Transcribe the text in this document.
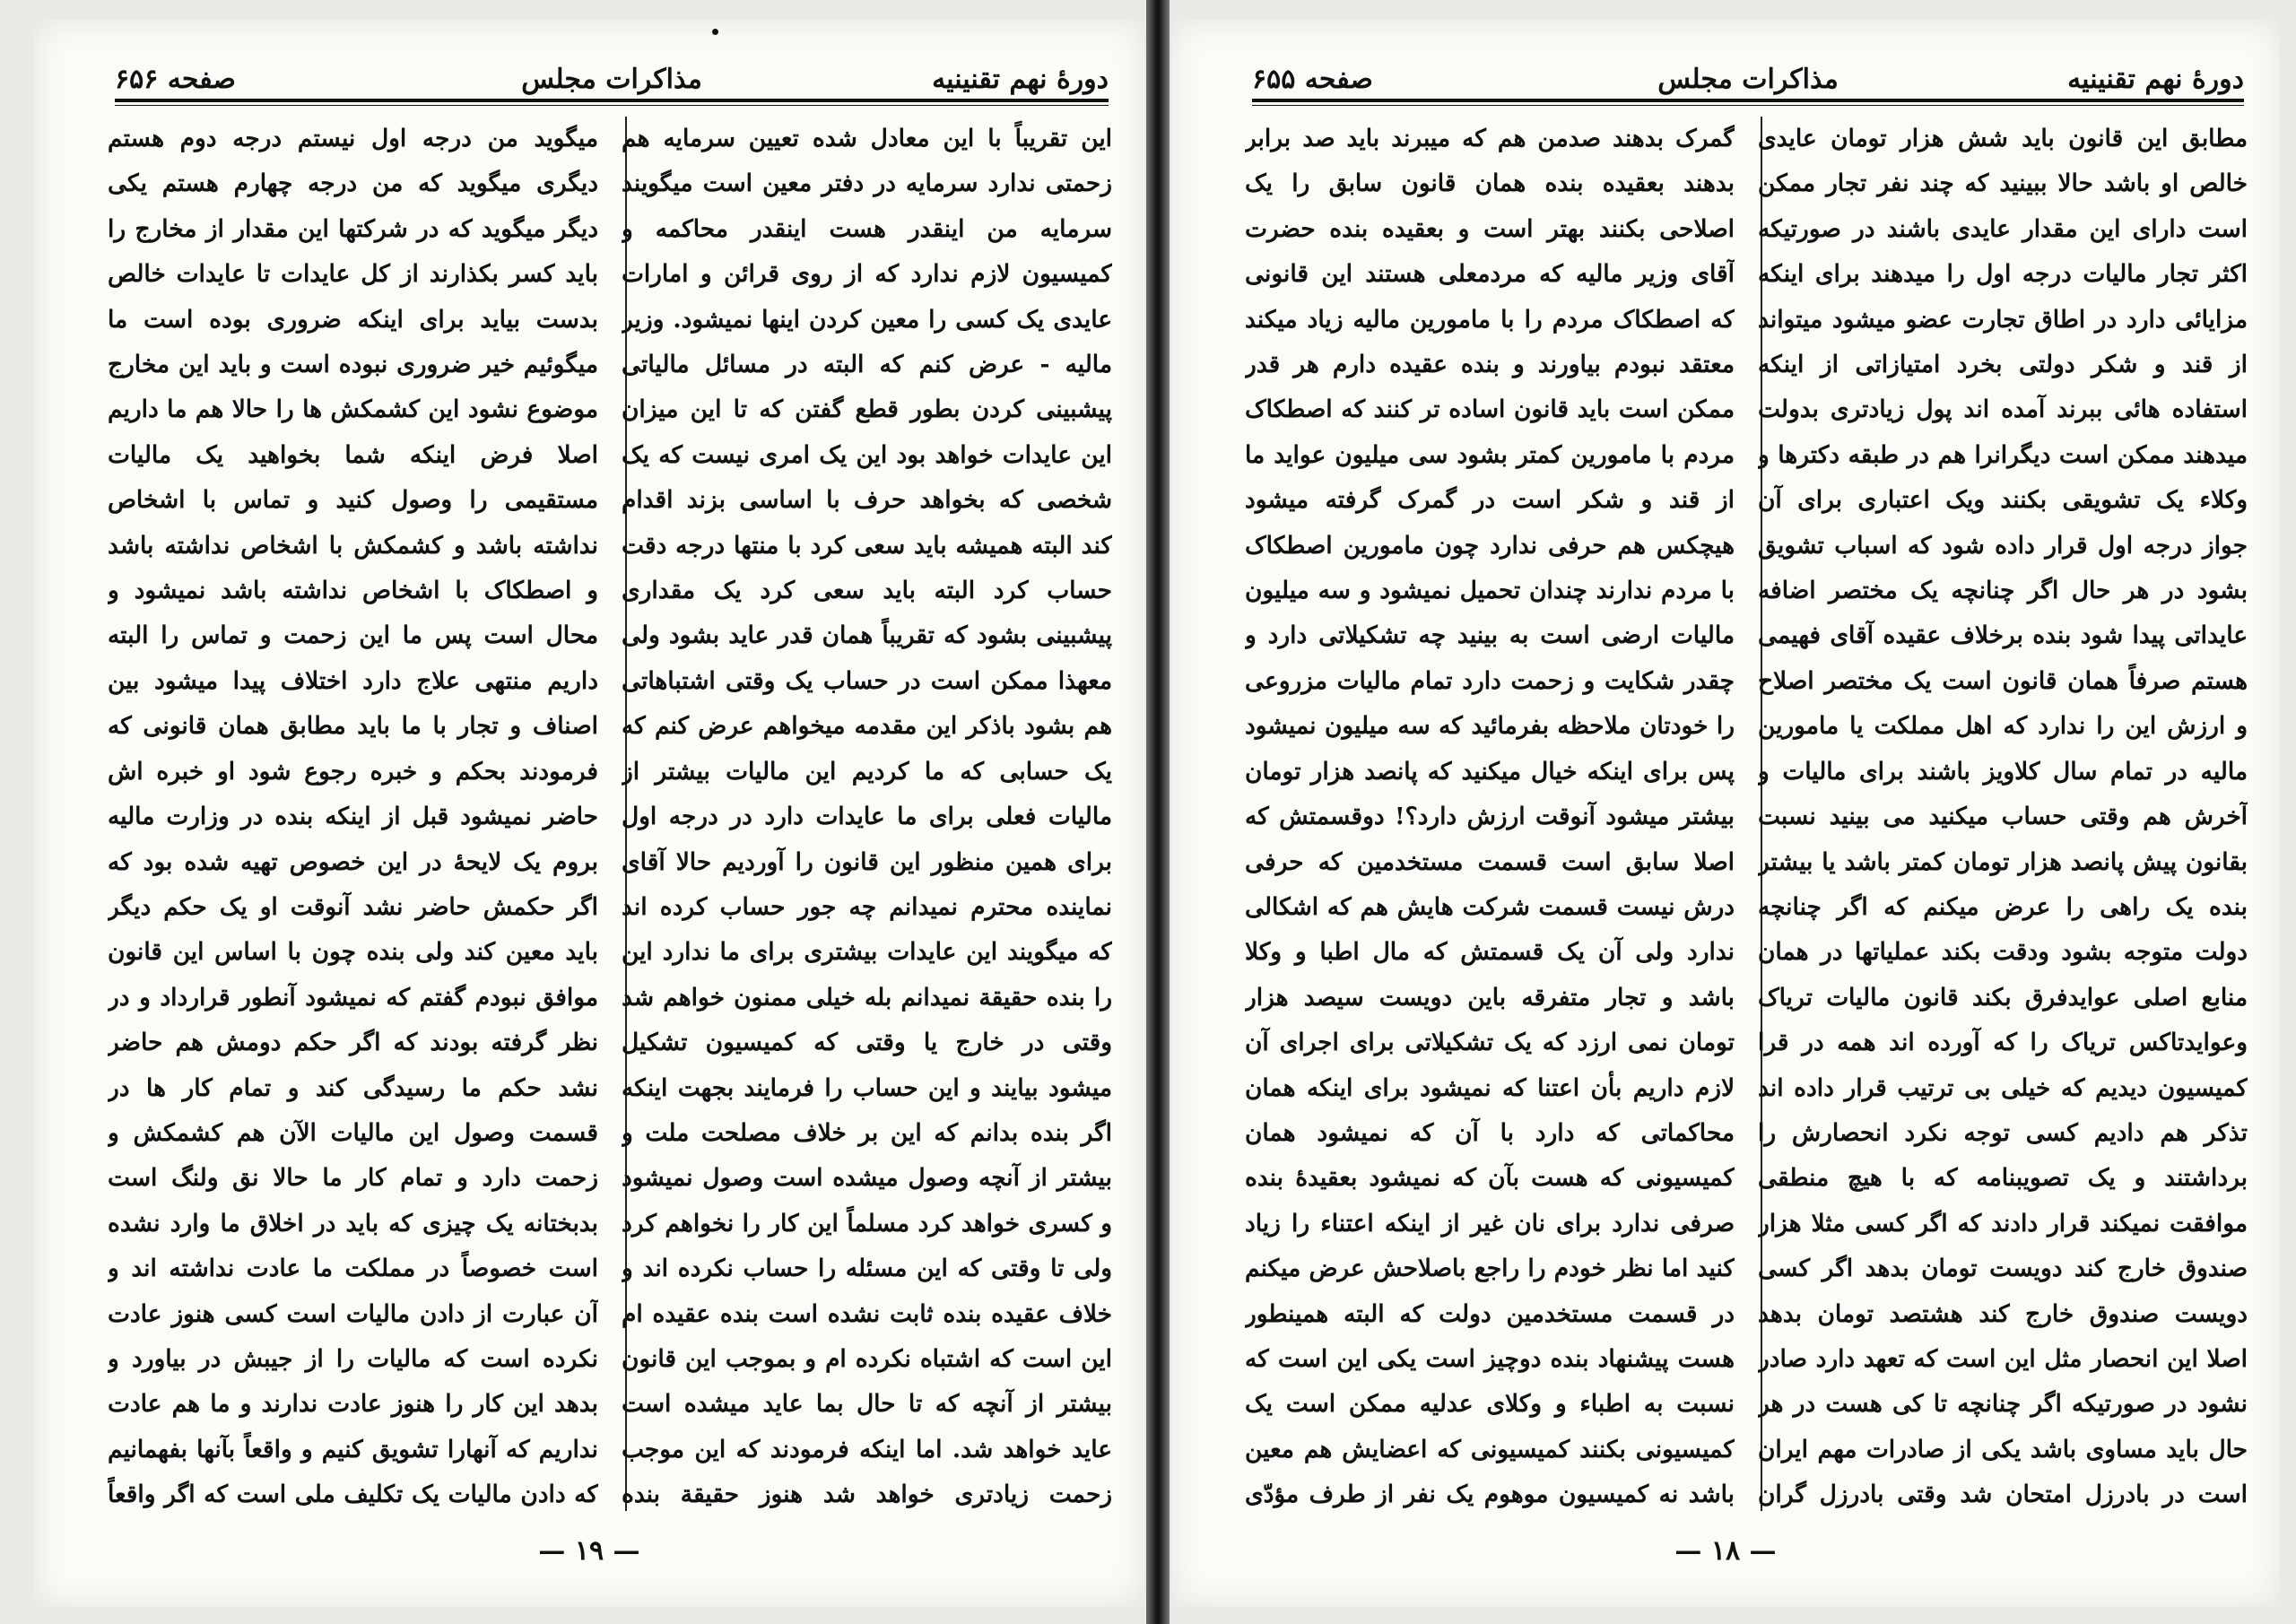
دورهٔ نهم تقنینیه
مذاکرات مجلس
صفحه ۶۵۶

این تقریباً با این معادل شده تعیین سرمایه هم زحمتی ندارد سرمایه در دفتر معین است میگویند سرمایه من اینقدر هست اینقدر محاکمه و کمیسیون لازم ندارد که از روی قرائن و امارات عایدی یک کسی را معین کردن اینها نمیشود. وزیر مالیه - عرض کنم که البته در مسائل مالیاتی پیشبینی کردن بطور قطع گفتن که تا این میزان این عایدات خواهد بود این یک امری نیست که یک شخصی که بخواهد حرف با اساسی بزند اقدام کند البته همیشه باید سعی کرد با منتها درجه دقت حساب کرد البته باید سعی کرد یک مقداری پیشبینی بشود که تقریباً همان قدر عاید بشود ولی معهذا ممکن است در حساب یک وقتی اشتباهاتی هم بشود باذکر این مقدمه میخواهم عرض کنم که یک حسابی که ما کردیم این مالیات بیشتر از مالیات فعلی برای ما عایدات دارد در درجه اول برای همین منظور این قانون را آوردیم حالا آقای نماینده محترم نمیدانم چه جور حساب کرده اند که میگویند این عایدات بیشتری برای ما ندارد این را بنده حقیقة نمیدانم بله خیلی ممنون خواهم شد وقتی در خارج یا وقتی که کمیسیون تشکیل میشود بیایند و این حساب را فرمایند بجهت اینکه اگر بنده بدانم که این بر خلاف مصلحت ملت و بیشتر از آنچه وصول میشده است وصول نمیشود و کسری خواهد کرد مسلماً این کار را نخواهم کرد ولی تا وقتی که این مسئله را حساب نکرده اند و خلاف عقیده بنده ثابت نشده است بنده عقیده ام این است که اشتباه نکرده ام و بموجب این قانون بیشتر از آنچه که تا حال بما عاید میشده است عاید خواهد شد. اما اینکه فرمودند که این موجب زحمت زیادتری خواهد شد هنوز حقیقة بنده

میگوید من درجه اول نیستم درجه دوم هستم دیگری میگوید که من درجه چهارم هستم یکی دیگر میگوید که در شرکتها این مقدار از مخارج را باید کسر بکذارند از کل عایدات تا عایدات خالص بدست بیاید برای اینکه ضروری بوده است ما میگوئیم خیر ضروری نبوده است و باید این مخارج موضوع نشود این کشمکش ها را حالا هم ما داریم اصلا فرض اینکه شما بخواهید یک مالیات مستقیمی را وصول کنید و تماس با اشخاص نداشته باشد و کشمکش با اشخاص نداشته باشد و اصطکاک با اشخاص نداشته باشد نمیشود و محال است پس ما این زحمت و تماس را البته داریم منتهی علاج دارد اختلاف پیدا میشود بین اصناف و تجار با ما باید مطابق همان قانونی که فرمودند بحکم و خبره رجوع شود او خبره اش حاضر نمیشود قبل از اینکه بنده در وزارت مالیه بروم یک لایحهٔ در این خصوص تهیه شده بود که اگر حکمش حاضر نشد آنوقت او یک حکم دیگر باید معین کند ولی بنده چون با اساس این قانون موافق نبودم گفتم که نمیشود آنطور قرارداد و در نظر گرفته بودند که اگر حکم دومش هم حاضر نشد حکم ما رسیدگی کند و تمام کار ها در قسمت وصول این مالیات الآن هم کشمکش و زحمت دارد و تمام کار ما حالا نق ولنگ است بدبختانه یک چیزی که باید در اخلاق ما وارد نشده است خصوصاً در مملکت ما عادت نداشته اند و آن عبارت از دادن مالیات است کسی هنوز عادت نکرده است که مالیات را از جیبش در بیاورد و بدهد این کار را هنوز عادت ندارند و ما هم عادت نداریم که آنهارا تشویق کنیم و واقعاً بآنها بفهمانیم که دادن مالیات یک تکلیف ملی است که اگر واقعاً

— ١٩ —
دورهٔ نهم تقنینیه
مذاکرات مجلس
صفحه ۶۵۵

مطابق این قانون باید شش هزار تومان عایدی خالص او باشد حالا ببینید که چند نفر تجار ممکن است دارای این مقدار عایدی باشند در صورتیکه اکثر تجار مالیات درجه اول را میدهند برای اینکه مزایائی دارد در اطاق تجارت عضو میشود میتواند از قند و شکر دولتی بخرد امتیازاتی از اینکه استفاده هائی ببرند آمده اند پول زیادتری بدولت میدهند ممکن است دیگرانرا هم در طبقه دکترها و وکلاء یک تشویقی بکنند ویک اعتباری برای آن جواز درجه اول قرار داده شود که اسباب تشویق بشود در هر حال اگر چنانچه یک مختصر اضافه عایداتی پیدا شود بنده برخلاف عقیده آقای فهیمی هستم صرفاً همان قانون است یک مختصر اصلاح و ارزش این را ندارد که اهل مملکت یا مامورین مالیه در تمام سال کلاویز باشند برای مالیات و آخرش هم وقتی حساب میکنید می بینید نسبت بقانون پیش پانصد هزار تومان کمتر باشد یا بیشتر بنده یک راهی را عرض میکنم که اگر چنانچه دولت متوجه بشود ودقت بکند عملیاتها در همان منابع اصلی عوایدفرق بکند قانون مالیات تریاک وعوایدتاکس تریاک را که آورده اند همه در قرا کمیسیون دیدیم که خیلی بی ترتیب قرار داده اند تذکر هم دادیم کسی توجه نکرد انحصارش را برداشتند و یک تصویبنامه که با هیچ منطقی موافقت نمیکند قرار دادند که اگر کسی مثلا هزار صندوق خارج کند دویست تومان بدهد اگر کسی دویست صندوق خارج کند هشتصد تومان بدهد اصلا این انحصار مثل این است که تعهد دارد صادر نشود در صورتیکه اگر چنانچه تا کی هست در هر حال باید مساوی باشد یکی از صادرات مهم ایران است در بادرزل امتحان شد وقتی بادرزل گران

گمرک بدهند صدمن هم که میبرند باید صد برابر بدهند بعقیده بنده همان قانون سابق را یک اصلاحی بکنند بهتر است و بعقیده بنده حضرت آقای وزیر مالیه که مردمعلی هستند این قانونی که اصطکاک مردم را با مامورین مالیه زیاد میکند معتقد نبودم بیاورند و بنده عقیده دارم هر قدر ممکن است باید قانون اساده تر کنند که اصطکاک مردم با مامورین کمتر بشود سی میلیون عواید ما از قند و شکر است در گمرک گرفته میشود هیچکس هم حرفی ندارد چون مامورین اصطکاک با مردم ندارند چندان تحمیل نمیشود و سه میلیون مالیات ارضی است به بینید چه تشکیلاتی دارد و چقدر شکایت و زحمت دارد تمام مالیات مزروعی را خودتان ملاحظه بفرمائید که سه میلیون نمیشود پس برای اینکه خیال میکنید که پانصد هزار تومان بیشتر میشود آنوقت ارزش دارد؟! دوقسمتش که اصلا سابق است قسمت مستخدمین که حرفی درش نیست قسمت شرکت هایش هم که اشکالی ندارد ولی آن یک قسمتش که مال اطبا و وکلا باشد و تجار متفرقه باین دویست سیصد هزار تومان نمی ارزد که یک تشکیلاتی برای اجرای آن لازم داریم بأن اعتنا که نمیشود برای اینکه همان محاکماتی که دارد با آن که نمیشود همان کمیسیونی که هست بآن که نمیشود بعقیدهٔ بنده صرفی ندارد برای نان غیر از اینکه اعتناء را زیاد کنید اما نظر خودم را راجع باصلاحش عرض میکنم در قسمت مستخدمین دولت که البته همینطور هست پیشنهاد بنده دوچیز است یکی این است که نسبت به اطباء و وکلای عدلیه ممکن است یک کمیسیونی بکنند کمیسیونی که اعضایش هم معین باشد نه کمیسیون موهوم یک نفر از طرف مؤدّی

— ١٨ —
